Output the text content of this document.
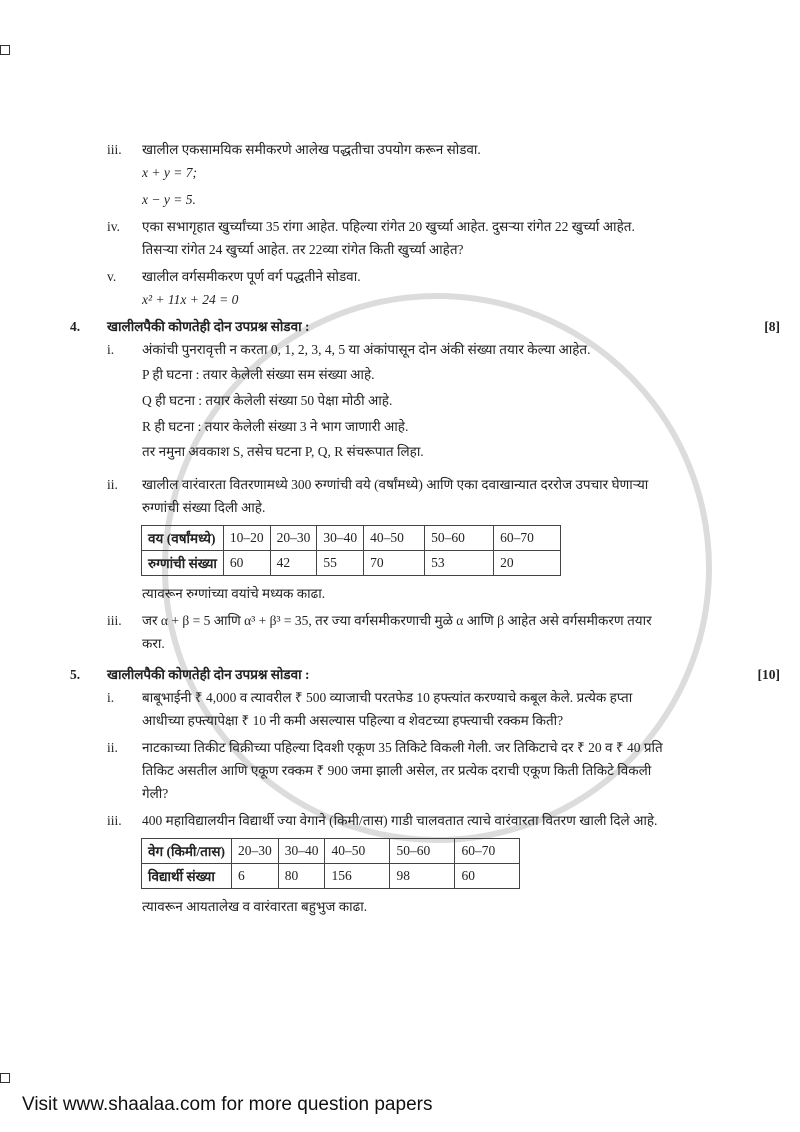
iii.	खालील एकसामयिक समीकरणे आलेख पद्धतीचा उपयोग करून सोडवा.
x + y = 7;
x − y = 5.
iv.	एका सभागृहात खुर्च्यांच्या 35 रांगा आहेत. पहिल्या रांगेत 20 खुर्च्या आहेत. दुसऱ्या रांगेत 22 खुर्च्या आहेत.
तिसऱ्या रांगेत 24 खुर्च्या आहेत. तर 22व्या रांगेत किती खुर्च्या आहेत?
v.	खालील वर्गसमीकरण पूर्ण वर्ग पद्धतीने सोडवा.
x² + 11x + 24 = 0
4.	खालीलपैकी कोणतेही दोन उपप्रश्न सोडवा :	[8]
i.	अंकांची पुनरावृत्ती न करता 0, 1, 2, 3, 4, 5 या अंकांपासून दोन अंकी संख्या तयार केल्या आहेत.
P ही घटना : तयार केलेली संख्या सम संख्या आहे.
Q ही घटना : तयार केलेली संख्या 50 पेक्षा मोठी आहे.
R ही घटना : तयार केलेली संख्या 3 ने भाग जाणारी आहे.
तर नमुना अवकाश S, तसेच घटना P, Q, R संचरूपात लिहा.
ii.	खालील वारंवारता वितरणामध्ये 300 रुग्णांची वये (वर्षांमध्ये) आणि एका दवाखान्यात दररोज उपचार घेणाऱ्या
रुग्णांची संख्या दिली आहे.
वय (वर्षांमध्ये)	10–20	20–30	30–40	40–50	50–60	60–70
रुग्णांची संख्या	60	42	55	70	53	20
त्यावरून रुग्णांच्या वयांचे मध्यक काढा.
iii.	जर α + β = 5 आणि α³ + β³ = 35, तर ज्या वर्गसमीकरणाची मुळे α आणि β आहेत असे वर्गसमीकरण तयार
करा.
5.	खालीलपैकी कोणतेही दोन उपप्रश्न सोडवा :	[10]
i.	बाबूभाईनी ₹ 4,000 व त्यावरील ₹ 500 व्याजाची परतफेड 10 हफ्त्यांत करण्याचे कबूल केले. प्रत्येक हप्ता
आधीच्या हफ्त्यापेक्षा ₹ 10 नी कमी असल्यास पहिल्या व शेवटच्या हफ्त्याची रक्कम किती?
ii.	नाटकाच्या तिकीट विक्रीच्या पहिल्या दिवशी एकूण 35 तिकिटे विकली गेली. जर तिकिटाचे दर ₹ 20 व ₹ 40 प्रति
तिकिट असतील आणि एकूण रक्कम ₹ 900 जमा झाली असेल, तर प्रत्येक दराची एकूण किती तिकिटे विकली
गेली?
iii.	400 महाविद्यालयीन विद्यार्थी ज्या वेगाने (किमी/तास) गाडी चालवतात त्याचे वारंवारता वितरण खाली दिले आहे.
वेग (किमी/तास)	20–30	30–40	40–50	50–60	60–70
विद्यार्थी संख्या	6	80	156	98	60
त्यावरून आयतालेख व वारंवारता बहुभुज काढा.
Visit www.shaalaa.com for more question papers
